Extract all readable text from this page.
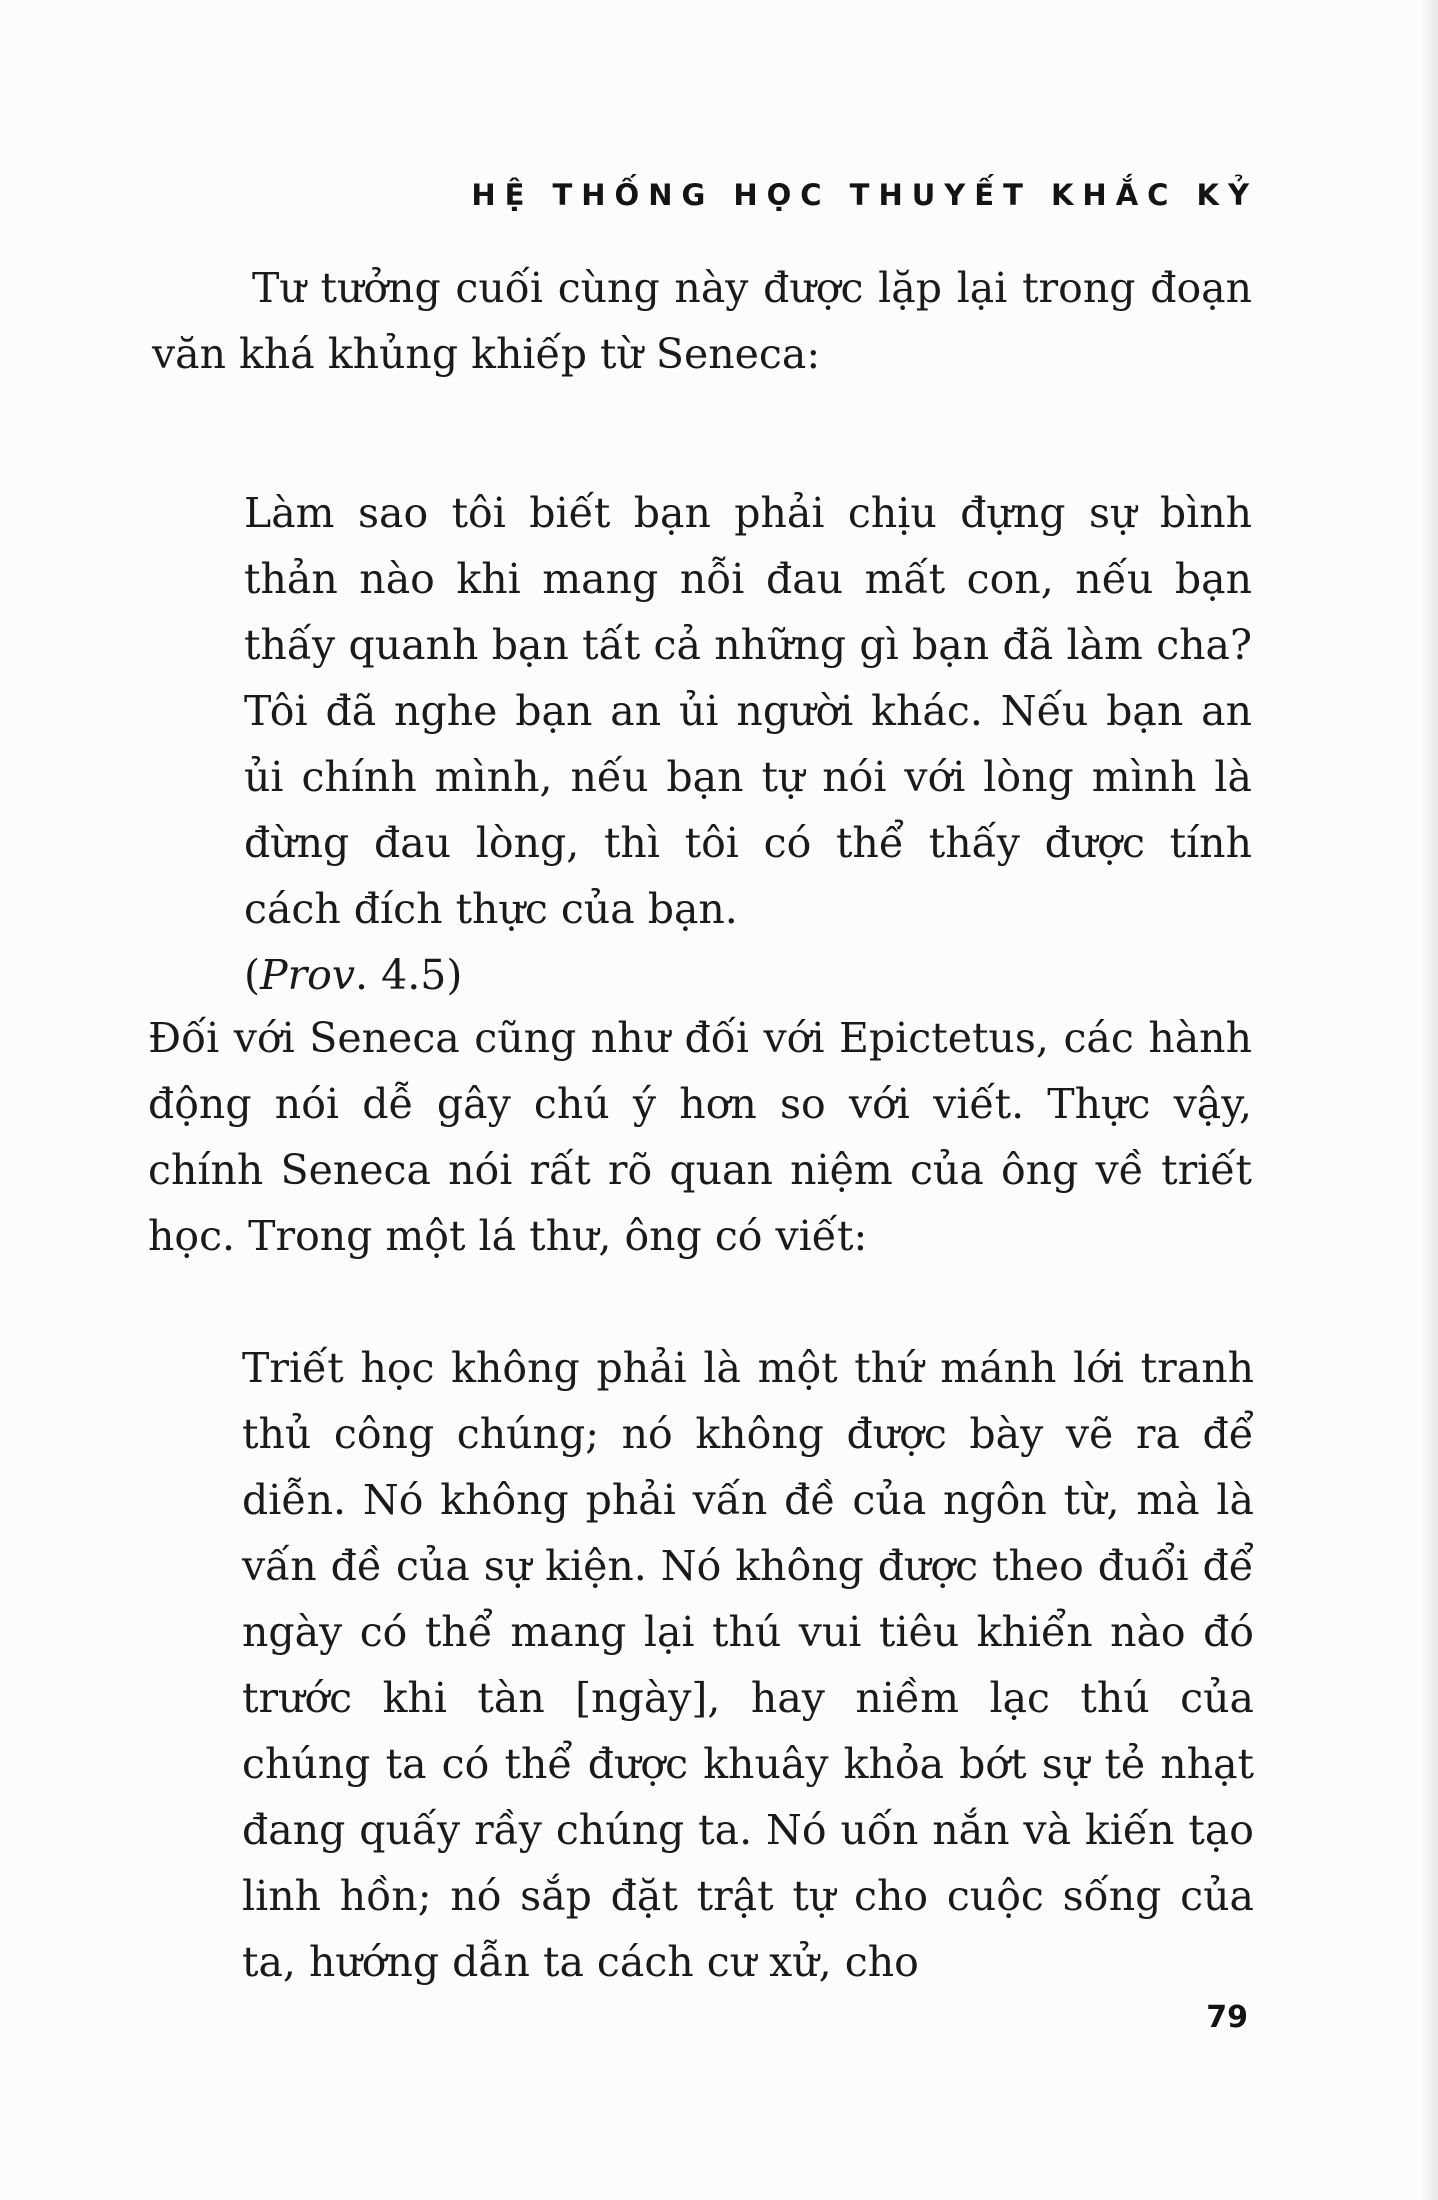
HỆ THỐNG HỌC THUYẾT KHẮC KỶ

Tư tưởng cuối cùng này được lặp lại trong đoạn văn khá khủng khiếp từ Seneca:

Làm sao tôi biết bạn phải chịu đựng sự bình thản nào khi mang nỗi đau mất con, nếu bạn thấy quanh bạn tất cả những gì bạn đã làm cha? Tôi đã nghe bạn an ủi người khác. Nếu bạn an ủi chính mình, nếu bạn tự nói với lòng mình là đừng đau lòng, thì tôi có thể thấy được tính cách đích thực của bạn.
(Prov. 4.5)

Đối với Seneca cũng như đối với Epictetus, các hành động nói dễ gây chú ý hơn so với viết. Thực vậy, chính Seneca nói rất rõ quan niệm của ông về triết học. Trong một lá thư, ông có viết:

Triết học không phải là một thứ mánh lới tranh thủ công chúng; nó không được bày vẽ ra để diễn. Nó không phải vấn đề của ngôn từ, mà là vấn đề của sự kiện. Nó không được theo đuổi để ngày có thể mang lại thú vui tiêu khiển nào đó trước khi tàn [ngày], hay niềm lạc thú của chúng ta có thể được khuây khỏa bớt sự tẻ nhạt đang quấy rầy chúng ta. Nó uốn nắn và kiến tạo linh hồn; nó sắp đặt trật tự cho cuộc sống của ta, hướng dẫn ta cách cư xử, cho

79
